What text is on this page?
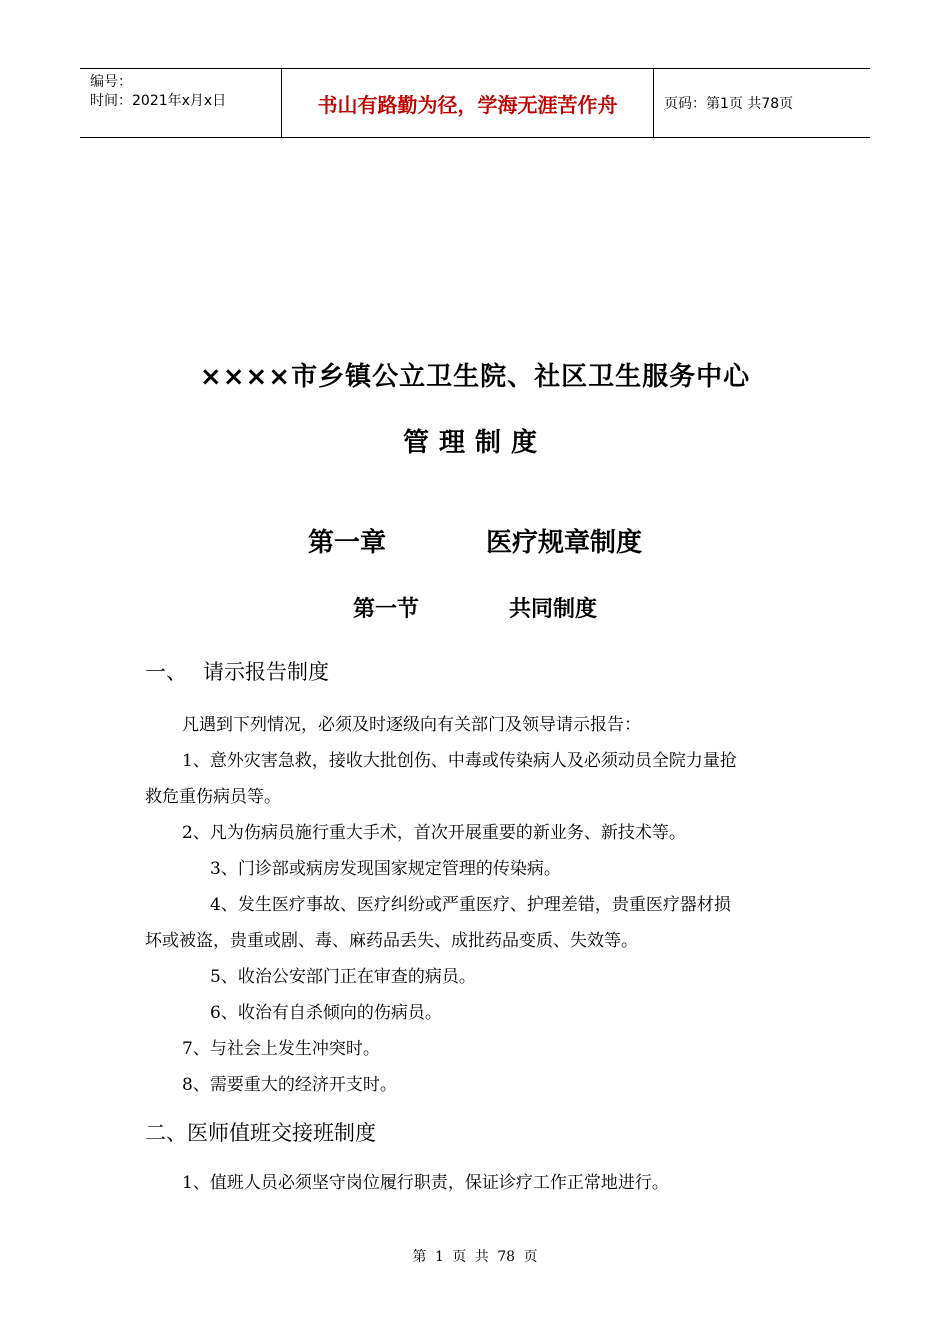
编号：
时间：2021年x月x日	书山有路勤为径，学海无涯苦作舟	页码：第1页 共78页
××××市乡镇公立卫生院、社区卫生服务中心
管理制度
第一章	医疗规章制度
第一节	共同制度
一、 请示报告制度
凡遇到下列情况，必须及时逐级向有关部门及领导请示报告：
1、意外灾害急救，接收大批创伤、中毒或传染病人及必须动员全院力量抢
救危重伤病员等。
2、凡为伤病员施行重大手术，首次开展重要的新业务、新技术等。
3、门诊部或病房发现国家规定管理的传染病。
4、发生医疗事故、医疗纠纷或严重医疗、护理差错，贵重医疗器材损
坏或被盗，贵重或剧、毒、麻药品丢失、成批药品变质、失效等。
5、收治公安部门正在审查的病员。
6、收治有自杀倾向的伤病员。
7、与社会上发生冲突时。
8、需要重大的经济开支时。
二、医师值班交接班制度
1、值班人员必须坚守岗位履行职责，保证诊疗工作正常地进行。
第 1 页 共 78 页
